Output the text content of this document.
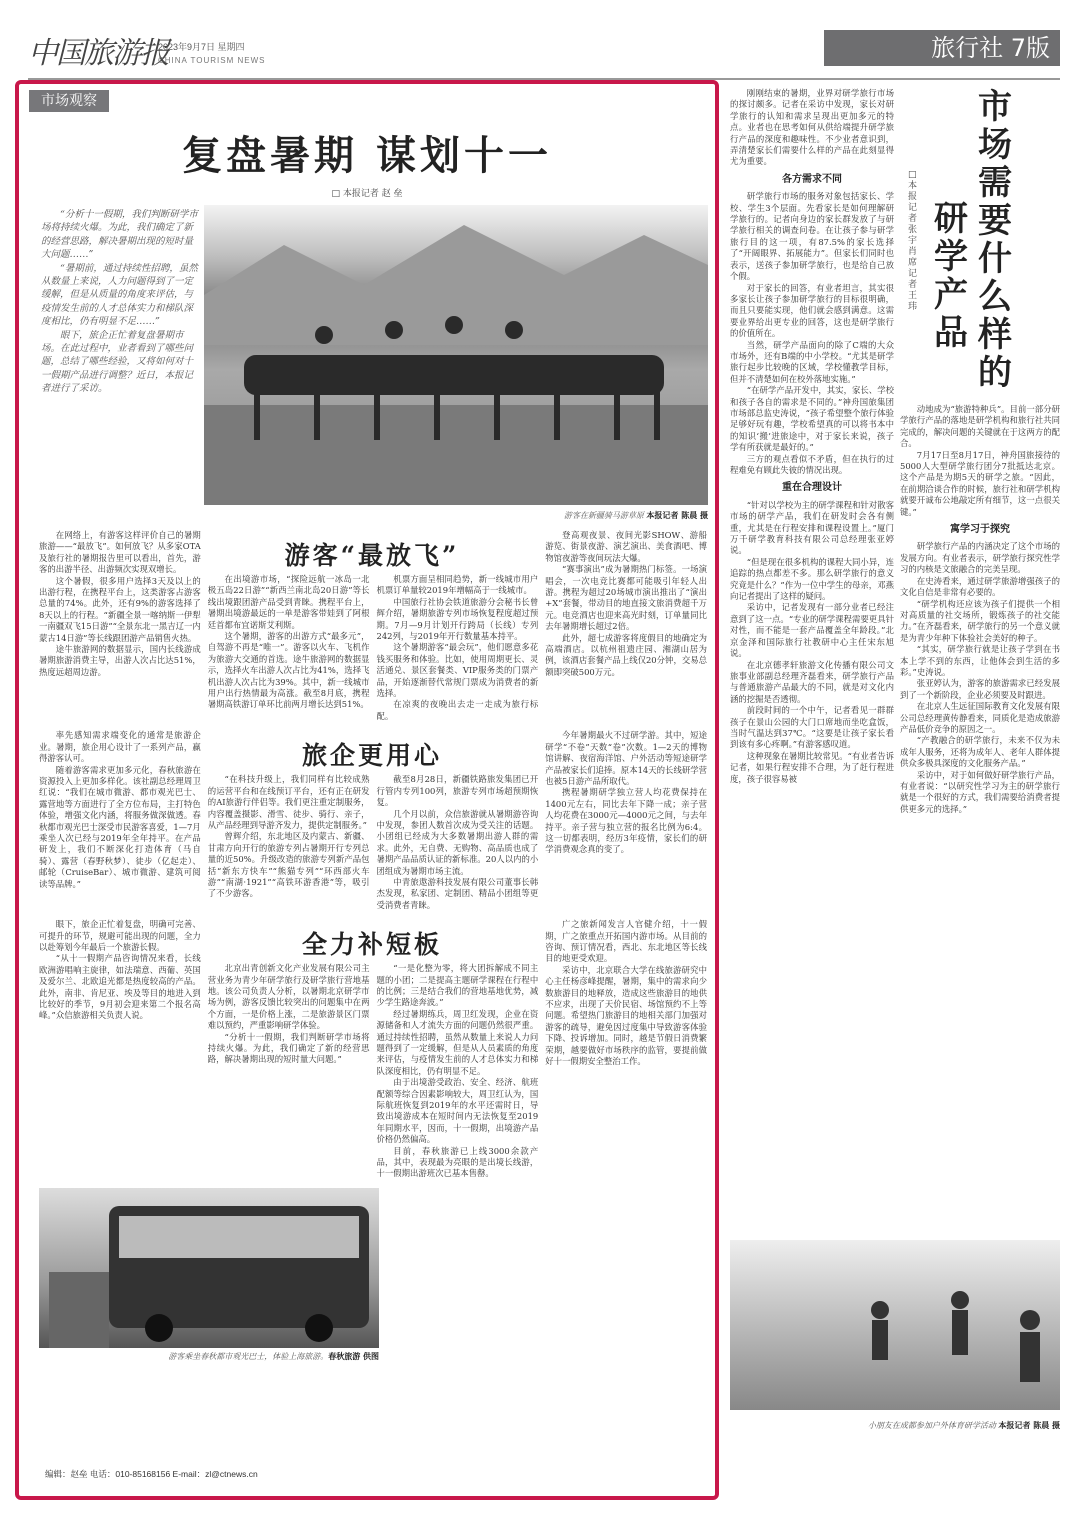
中国旅游报
2023年9月7日 星期四
CHINA TOURISM NEWS	旅行社 7版
市场观察
复盘暑期 谋划十一
□ 本报记者 赵 垒

“分析十一假期，我们判断研学市场将持续火爆。为此，我们确定了新的经营思路，解决暑期出现的短时量大问题……”

“暑期前，通过持续性招聘，虽然从数量上来说，人力问题得到了一定缓解，但是从质量的角度来评估，与疫情发生前的人才总体实力和梯队深度相比，仍有明显不足……”

眼下，旅企正忙着复盘暑期市场。在此过程中，业者看到了哪些问题，总结了哪些经验，又将如何对十一假期产品进行调整？近日，本报记者进行了采访。

游客在新疆骑马游草原 本报记者 陈晨 摄
游客“最放飞”

在网络上，有游客这样评价自己的暑期旅游——“最放飞”。如何放飞？从多家OTA及旅行社的暑期报告里可以看出，首先，游客的出游半径、出游频次实现双增长。

这个暑假，很多用户选择3天及以上的出游行程，在携程平台上，这类游客占游客总量的74%。此外，还有9%的游客选择了8天以上的行程。“新疆全景一喀纳斯一伊犁一南疆双飞15日游”“全景东北一黑吉辽一内蒙古14日游”等长线跟团游产品销售火热。

途牛旅游网的数据显示，国内长线游成暑期旅游消费主导，出游人次占比达51%，热度远超周边游。

在出境游市场，“探险远航一冰岛一北极五岛22日游”“新西兰南北岛20日游”等长线出境跟团游产品受到青睐。携程平台上，暑期出境游最远的一单是游客带娃到了阿根廷首都布宜诺斯艾利斯。

这个暑期，游客的出游方式“最多元”，自驾游不再是“唯一”。游客以火车、飞机作为旅游大交通的首选。途牛旅游网的数据显示，选择火车出游人次占比为41%，选择飞机出游人次占比为39%。其中，新一线城市用户出行热情最为高涨。截至8月底，携程暑期高铁游订单环比前两月增长达到51%。

机票方面呈相同趋势，新一线城市用户机票订单量较2019年增幅高于一线城市。

中国旅行社协会铁道旅游分会秘书长曾辉介绍，暑期旅游专列市场恢复程度超过预期。7月—9月计划开行跨局（长线）专列242列，与2019年开行数量基本持平。

这个暑期游客“最会玩”，他们愿意多花钱买服务和体验。比如，使用周期更长、灵活通兑、景区套餐类、VIP服务类的门票产品，开始逐渐替代常规门票成为消费者的新选择。

在凉爽的夜晚出去走一走成为旅行标配。

登高观夜景、夜间光影SHOW、游船游览、街景夜游、演艺演出、美食酒吧、博物馆夜游等夜间玩法大爆。

“赛事演出”成为暑期热门标签。一场演唱会，一次电竞比赛都可能吸引年轻人出游。携程为超过20场城市演出推出了“演出+X”套餐，带动目的地直接文旅消费超千万元。电竞酒店也迎来高光时刻，订单量同比去年暑期增长超过2倍。

此外，超七成游客将度假目的地确定为高端酒店。以杭州祖遗庄园、湘湖山居为例，该酒店套餐产品上线仅20分钟，交易总额即突破500万元。

旅企更用心

率先感知需求端变化的通常是旅游企业。暑期，旅企用心设计了一系列产品，赢得游客认可。

随着游客需求更加多元化，春秋旅游在资源投入上更加多样化。该社副总经理周卫红说：“我们在城市微游、都市观光巴士、露营地等方面进行了全方位布局，主打特色体验，增强文化内涵，将服务做深做透。春秋都市观光巴士深受市民游客喜爱，1—7月乘坐人次已经与2019年全年持平。在产品研发上，我们不断深化打造体育（马自骑）、露营（春野秋梦）、徒步（亿起走）、邮轮（CruiseBar）、城市微游、建筑可阅读等品牌。”

“在科技升级上，我们同样有比较成熟的运营平台和在线预订平台，还有正在研发的AI旅游行伴侣等。我们更注重定制服务，内容覆盖摄影、滑雪、徒步、骑行、亲子，从产品经理到导游齐发力，提供定制服务。”

曾辉介绍，东北地区及内蒙古、新疆、甘肃方向开行的旅游专列占暑期开行专列总量的近50%。升级改造的旅游专列新产品包括“新东方快车”“熊猫专列”“环西部火车游”“南湖·1921”“高铁环游香港”等，吸引了不少游客。

截至8月28日，新疆铁路旅发集团已开行管内专列100列，旅游专列市场超预期恢复。

几个月以前，众信旅游就从暑期游咨询中发现，参团人数首次成为受关注的话题。小团组已经成为大多数暑期出游人群的需求。此外，无自费、无购物、高品质也成了暑期产品品质认证的新标准。20人以内的小团组成为暑期市场主流。

中青旅遨游科技发展有限公司董事长韩杰发现，私家团、定制团、精品小团组等更受消费者青睐。

今年暑期最火不过研学游。其中，短途研学“不卷”天数“卷”次数。1—2天的博物馆讲解、夜宿海洋馆、户外活动等短途研学产品被家长们追捧。原本14天的长线研学营也被5日游产品所取代。

携程暑期研学独立营人均花费保持在1400元左右，同比去年下降一成；亲子营人均花费在3000元—4000元之间，与去年持平。亲子营与独立营的报名比例为6:4。这一切都表明，经历3年疫情，家长们的研学消费观念真的变了。

全力补短板

眼下，旅企正忙着复盘，明确可完善、可提升的环节，规避可能出现的问题，全力以赴筹划今年最后一个旅游长假。

“从十一假期产品咨询情况来看，长线欧洲游唱响主旋律，如法瑞意、西葡、英国及爱尔兰、北欧追光都是热度较高的产品。此外，南非、肯尼亚、埃及等目的地进入到比较好的季节，9月初会迎来第二个报名高峰。”众信旅游相关负责人说。

北京出青创新文化产业发展有限公司主营业务为青少年研学旅行及研学旅行营地基地。该公司负责人分析，以暑期北京研学市场为例，游客反馈比较突出的问题集中在两个方面，一是价格上涨，二是旅游景区门票难以预约，严重影响研学体验。

“分析十一假期，我们判断研学市场将持续火爆。为此，我们确定了新的经营思路，解决暑期出现的短时量大问题。”

“一是化整为零，将大团拆解成不同主题的小团；二是提高主题研学课程在行程中的比例；三是结合我们的营地基地优势，减少学生路途奔波。”

经过暑期练兵，周卫红发现，企业在资源储备和人才流失方面的问题仍然很严重。通过持续性招聘，虽然从数量上来说人力问题得到了一定缓解，但是从人员素质的角度来评估，与疫情发生前的人才总体实力和梯队深度相比，仍有明显不足。

由于出境游受政治、安全、经济、航班配额等综合因素影响较大，周卫红认为，国际航班恢复到2019年的水平还需时日，导致出境游成本在短时间内无法恢复至2019年同期水平，因而，十一假期，出境游产品价格仍然偏高。

目前，春秋旅游已上线3000余款产品，其中，表现最为亮眼的是出境长线游，十一假期出游班次已基本售罄。

广之旅新闻发言人官健介绍，十一假期，广之旅重点开拓国内游市场。从目前的咨询、预订情况看，西北、东北地区等长线目的地更受欢迎。

采访中，北京联合大学在线旅游研究中心主任杨彦峰提醒，暑期，集中的需求向少数旅游目的地释放，造成这些旅游目的地供不应求，出现了天价民宿、场馆预约不上等问题。希望热门旅游目的地相关部门加强对游客的疏导，避免因过度集中导致游客体验下降、投诉增加。同时，越是节假日消费繁荣期，越要做好市场秩序的监管，要提前做好十一假期安全整治工作。

游客乘坐春秋都市观光巴士，体验上海旅游。春秋旅游 供图

刚刚结束的暑期，业界对研学旅行市场的探讨颇多。记者在采访中发现，家长对研学旅行的认知和需求呈现出更加多元的特点。业者也在思考如何从供给端提升研学旅行产品的深度和趣味性。不少业者意识到，弄清楚家长们需要什么样的产品在此刻显得尤为重要。

各方需求不同

研学旅行市场的服务对象包括家长、学校、学生3个层面。先看家长是如何理解研学旅行的。记者向身边的家长群发放了与研学旅行相关的调查问卷。在让孩子参与研学旅行目的这一项，有87.5%的家长选择了“开阔眼界、拓展能力”。但家长们同时也表示，送孩子参加研学旅行，也是给自己放个假。

对于家长的回答，有业者坦言，其实很多家长让孩子参加研学旅行的目标很明确，而且只要能实现，他们就会感到满意。这需要业界给出更专业的回答，这也是研学旅行的价值所在。

当然，研学产品面向的除了C端的大众市场外，还有B端的中小学校。“尤其是研学旅行起步比较晚的区域，学校懂教学目标，但并不清楚如何在校外落地实施。”

“在研学产品开发中，其实，家长、学校和孩子各自的需求是不同的。”神舟国旅集团市场部总监史涛说，“孩子希望整个旅行体验足够好玩有趣，学校希望真的可以将书本中的知识‘搬’进旅途中，对于家长来说，孩子学有所获就是最好的。”

三方的观点看似不矛盾，但在执行的过程难免有顾此失彼的情况出现。

重在合理设计

“针对以学校为主的研学课程和针对散客市场的研学产品，我们在研发时会各有侧重，尤其是在行程安排和课程设置上。”厦门万千研学教育科技有限公司总经理张亚婷说。

“但是现在很多机构的课程大同小异，连追踪的热点都差不多。那么研学旅行的意义究竟是什么？”作为一位中学生的母亲，邓燕向记者提出了这样的疑问。

采访中，记者发现有一部分业者已经注意到了这一点。“专业的研学课程需要更具针对性，而不能是一套产品覆盖全年龄段。”北京金泽和国际旅行社教研中心主任宋东旭说。

在北京德孝轩旅游文化传播有限公司文旅事业部副总经理齐磊看来，研学旅行产品与普通旅游产品最大的不同，就是对文化内涵的挖掘是否透彻。

前段时间的一个中午，记者看见一群群孩子在景山公园的大门口席地而坐吃盒饭，当时气温达到37℃。“这要是让孩子家长看到该有多心疼啊。”有游客感叹道。

这种现象在暑期比较常见。“有业者告诉记者，如果行程安排不合理，为了赶行程进度，孩子很容易被

市场需要什么样的
研学产品
□ 本报记者 张 宇 肖席记者 王 玮

动地成为“旅游特种兵”。目前一部分研学旅行产品的落地是研学机构和旅行社共同完成的，解决问题的关键就在于这两方的配合。

7月17日至8月17日，神舟国旅接待的5000人大型研学旅行团分7批抵达北京。这个产品是为期5天的研学之旅。“因此，在前期洽谈合作的时候，旅行社和研学机构就要开诚布公地敲定所有细节，这一点很关键。”

寓学习于探究

研学旅行产品的内涵决定了这个市场的发展方向。有业者表示，研学旅行探究性学习的内核是文旅融合的完美呈现。

在史涛看来，通过研学旅游增强孩子的文化自信是非常有必要的。

“研学机构还应该为孩子们提供一个相对高质量的社交场所，锻炼孩子的社交能力。”在齐磊看来，研学旅行的另一个意义就是为青少年种下体验社会美好的种子。

“其实，研学旅行就是让孩子学到在书本上学不到的东西，让他体会到生活的多彩。”史涛说。

张亚婷认为，游客的旅游需求已经发展到了一个新阶段，企业必须要及时跟进。

在北京人生远征国际教育文化发展有限公司总经理黄传静看来，同质化是造成旅游产品低价竞争的原因之一。

“产教融合的研学旅行，未来不仅为未成年人服务，还将为成年人、老年人群体提供众多极具深度的文化服务产品。”

采访中，对于如何做好研学旅行产品，有业者说：“以研究性学习为主的研学旅行就是一个很好的方式，我们需要给消费者提供更多元的选择。”

小朋友在成都参加户外体育研学活动 本报记者 陈晨 摄
编辑：赵垒 电话：010-85168156 E-mail：zl@ctnews.cn
